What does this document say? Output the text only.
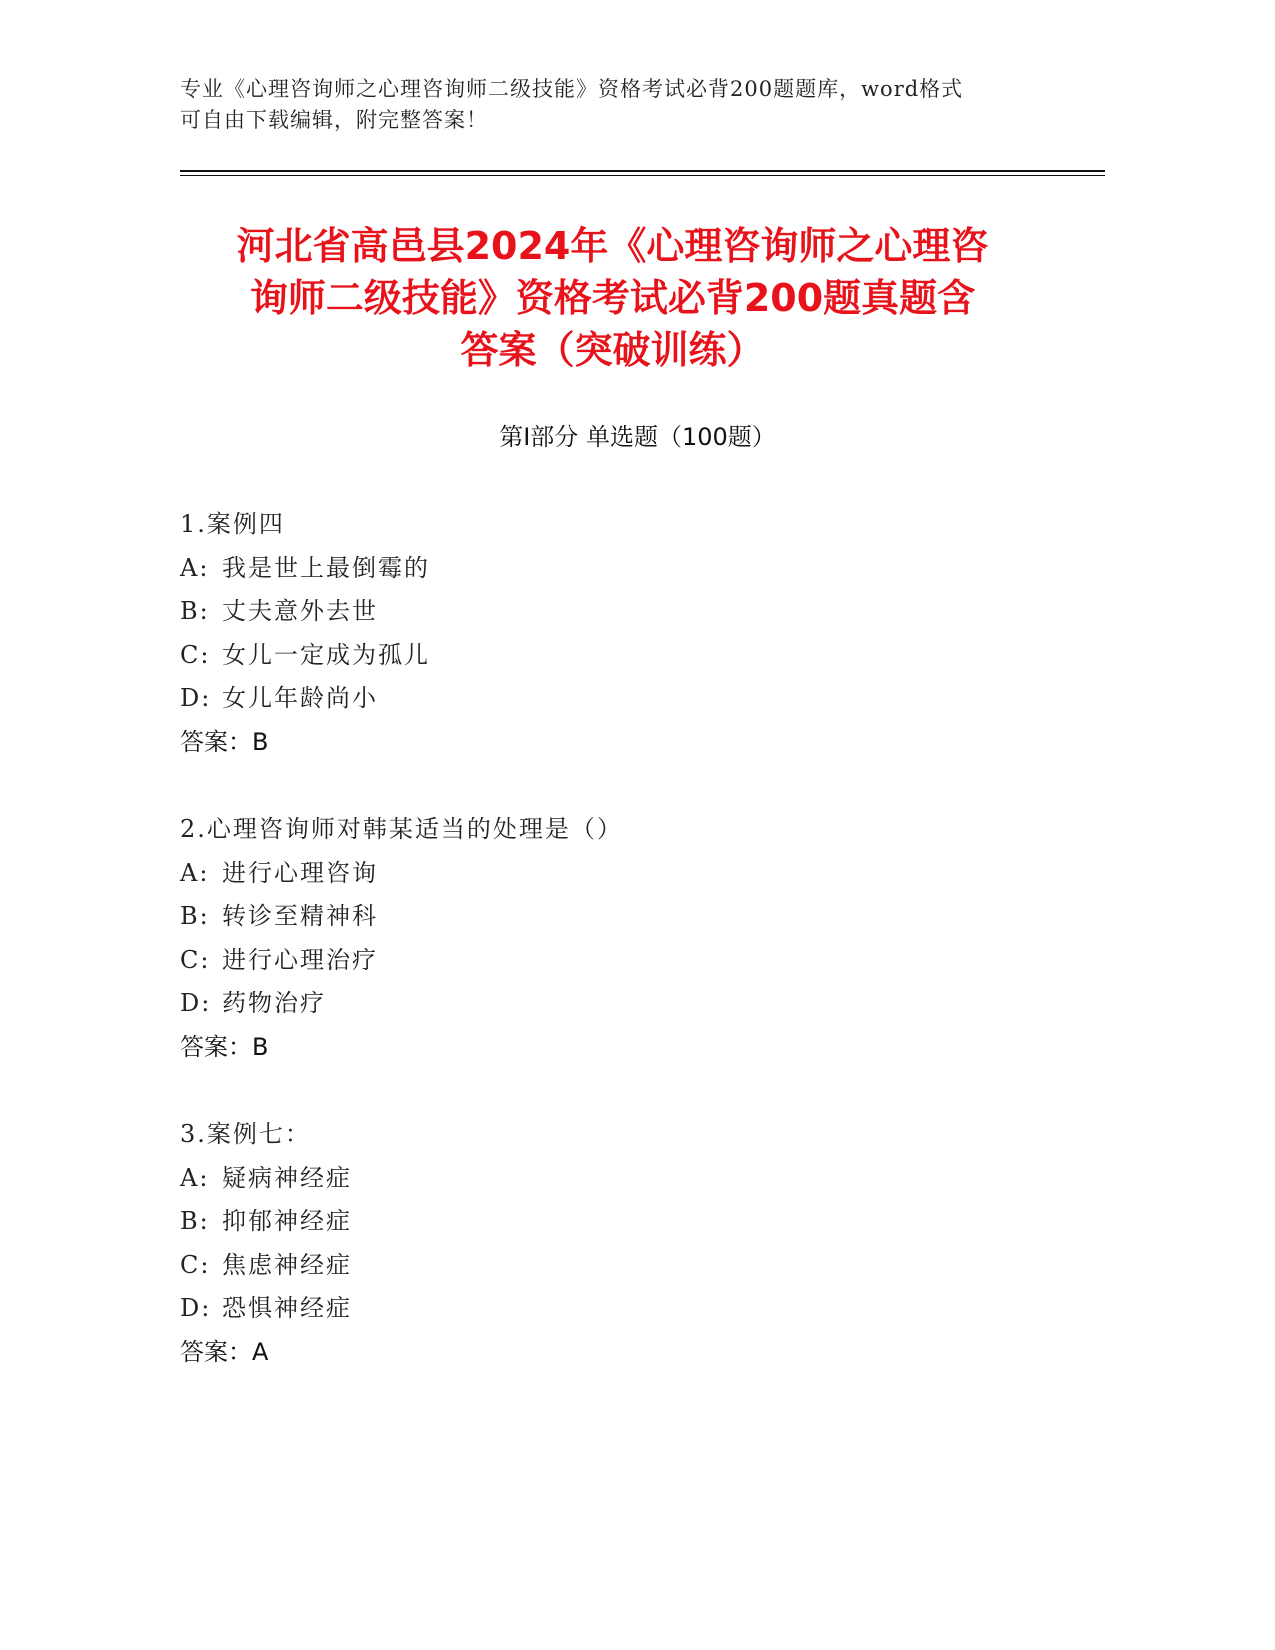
专业《心理咨询师之心理咨询师二级技能》资格考试必背200题题库，word格式
可自由下载编辑，附完整答案！
河北省高邑县2024年《心理咨询师之心理咨
询师二级技能》资格考试必背200题真题含
答案（突破训练）
第Ⅰ部分 单选题（100题）
1.案例四
A: 我是世上最倒霉的
B: 丈夫意外去世
C: 女儿一定成为孤儿
D: 女儿年龄尚小
答案：B
2.心理咨询师对韩某适当的处理是（）
A: 进行心理咨询
B: 转诊至精神科
C: 进行心理治疗
D: 药物治疗
答案：B
3.案例七：
A: 疑病神经症
B: 抑郁神经症
C: 焦虑神经症
D: 恐惧神经症
答案：A
